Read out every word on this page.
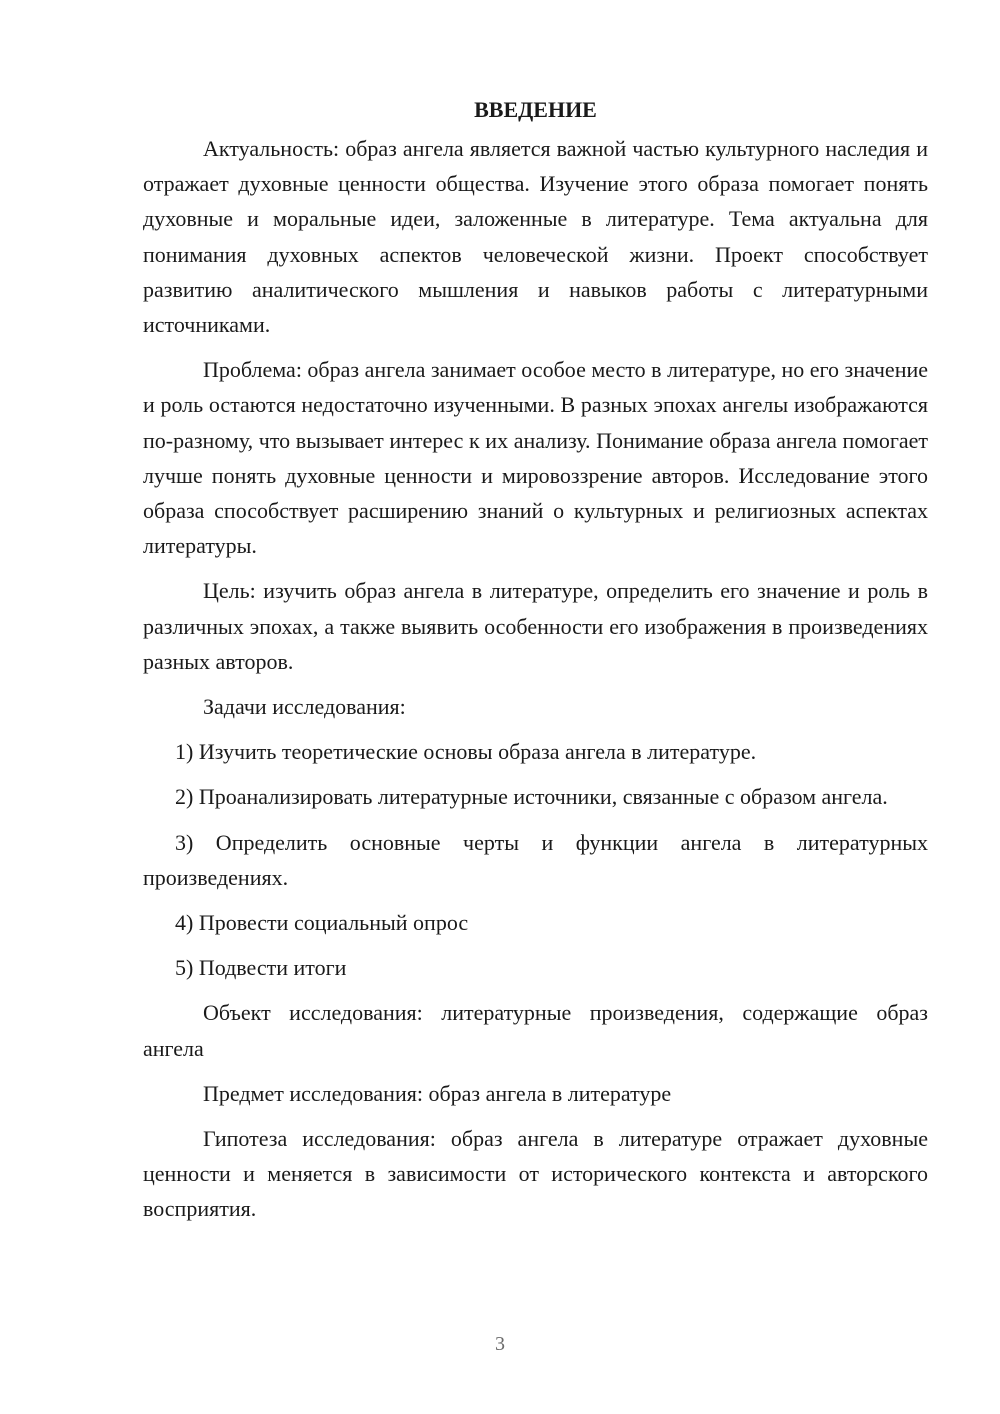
ВВЕДЕНИЕ

Актуальность: образ ангела является важной частью культурного наследия и отражает духовные ценности общества. Изучение этого образа помогает понять духовные и моральные идеи, заложенные в литературе. Тема актуальна для понимания духовных аспектов человеческой жизни. Проект способствует развитию аналитического мышления и навыков работы с литературными источниками.

Проблема: образ ангела занимает особое место в литературе, но его значение и роль остаются недостаточно изученными. В разных эпохах ангелы изображаются по-разному, что вызывает интерес к их анализу. Понимание образа ангела помогает лучше понять духовные ценности и мировоззрение авторов. Исследование этого образа способствует расширению знаний о культурных и религиозных аспектах литературы.

Цель: изучить образ ангела в литературе, определить его значение и роль в различных эпохах, а также выявить особенности его изображения в произведениях разных авторов.

Задачи исследования:

1) Изучить теоретические основы образа ангела в литературе.

2) Проанализировать литературные источники, связанные с образом ангела.

3) Определить основные черты и функции ангела в литературных произведениях.

4) Провести социальный опрос

5) Подвести итоги

Объект исследования: литературные произведения, содержащие образ ангела

Предмет исследования: образ ангела в литературе

Гипотеза исследования: образ ангела в литературе отражает духовные ценности и меняется в зависимости от исторического контекста и авторского восприятия.

3
